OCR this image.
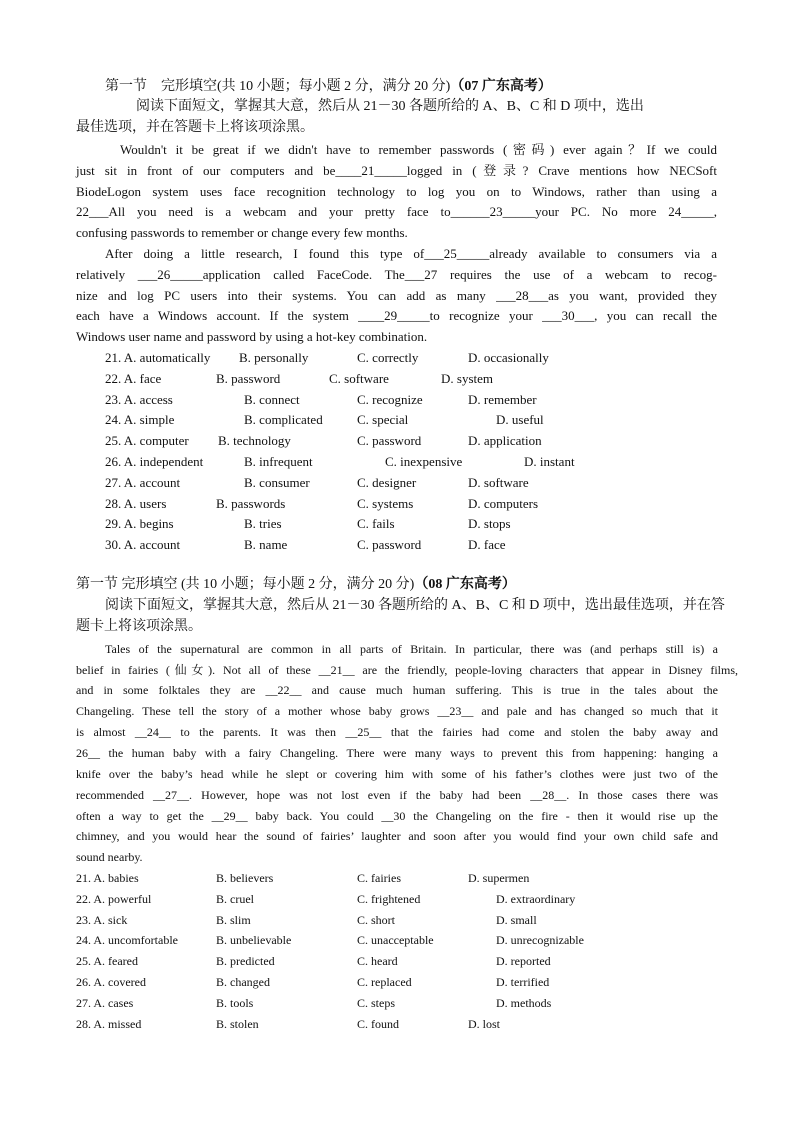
第一节　完形填空(共 10 小题；每小题 2 分，满分 20 分)（07 广东高考）
阅读下面短文，掌握其大意，然后从 21－30 各题所给的 A、B、C 和 D 项中，选出
最佳选项，并在答题卡上将该项涂黑。
Wouldn't it be great if we didn't have to remember passwords (密码) ever again？If we could
just sit in front of our computers and be____21_____logged in (登录? Crave mentions how NECSoft
BiodeLogon system uses face recognition technology to log you on to Windows, rather than using a
22___All you need is a webcam and your pretty face to______23_____your PC. No more 24_____,
confusing passwords to remember or change every few months.
After doing a little research, I found this type of___25_____already available to consumers via a
relatively ___26_____application called FaceCode. The___27 requires the use of a webcam to recog-
nize and log PC users into their systems. You can add as many ___28___as you want, provided they
each have a Windows account. If the system ____29_____to recognize your ___30___, you can recall the
Windows user name and password by using a hot-key combination.
21. A. automatically B. personally	C. correctly	D. occasionally
22. A. face	B. password	C. software	D. system
23. A. access	B. connect	C. recognize	D. remember
24. A. simple	B. complicated	C. special	D. useful
25. A. computer B. technology	C. password	D. application
26. A. independent	B. infrequent	C. inexpensive	D. instant
27. A. account	B. consumer	C. designer	D. software
28. A. users	B. passwords	C. systems	D. computers
29. A. begins	B. tries	C. fails	D. stops
30. A. account	B. name	C. password	D. face
第一节 完形填空 (共 10 小题；每小题 2 分，满分 20 分)（08 广东高考）
阅读下面短文，掌握其大意，然后从 21－30 各题所给的 A、B、C 和 D 项中，选出最佳选项，并在答
题卡上将该项涂黑。
Tales of the supernatural are common in all parts of Britain. In particular, there was (and perhaps still is) a
belief in fairies (仙女). Not all of these __21__ are the friendly, people-loving characters that appear in Disney films,
and in some folktales they are __22__ and cause much human suffering. This is true in the tales about the
Changeling. These tell the story of a mother whose baby grows __23__ and pale and has changed so much that it
is almost __24__ to the parents. It was then __25__ that the fairies had come and stolen the baby away and
26__ the human baby with a fairy Changeling. There were many ways to prevent this from happening: hanging a
knife over the baby’s head while he slept or covering him with some of his father’s clothes were just two of the
recommended __27__. However, hope was not lost even if the baby had been __28__. In those cases there was
often a way to get the __29__ baby back. You could __30 the Changeling on the fire - then it would rise up the
chimney, and you would hear the sound of fairies’ laughter and soon after you would find your own child safe and
sound nearby.
21. A. babies	B. believers	C. fairies	D. supermen
22. A. powerful	B. cruel	C. frightened	D. extraordinary
23. A. sick	B. slim	C. short	D. small
24. A. uncomfortable	B. unbelievable	C. unacceptable	D. unrecognizable
25. A. feared	B. predicted	C. heard	D. reported
26. A. covered	B. changed	C. replaced	D. terrified
27. A. cases	B. tools	C. steps	D. methods
28. A. missed	B. stolen	C. found	D. lost
